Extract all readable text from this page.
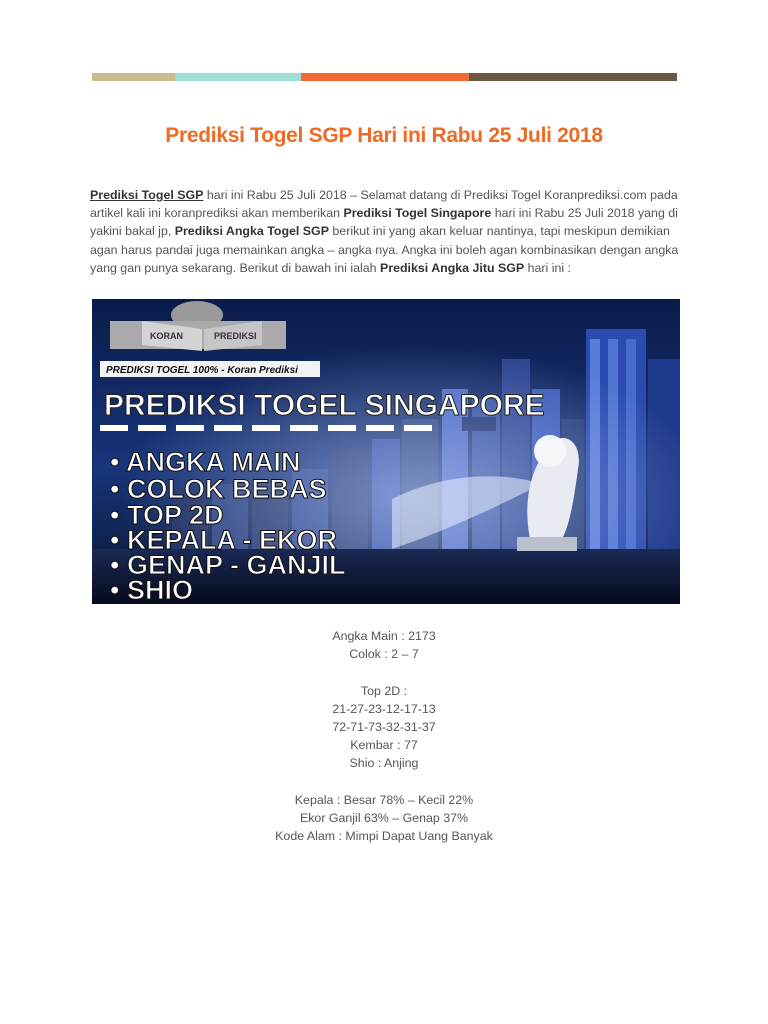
Prediksi Togel SGP Hari ini Rabu 25 Juli 2018
Prediksi Togel SGP hari ini Rabu 25 Juli 2018 – Selamat datang di Prediksi Togel Koranprediksi.com pada artikel kali ini koranprediksi akan memberikan Prediksi Togel Singapore hari ini Rabu 25 Juli 2018 yang di yakini bakal jp, Prediksi Angka Togel SGP berikut ini yang akan keluar nantinya, tapi meskipun demikian agan harus pandai juga memainkan angka – angka nya. Angka ini boleh agan kombinasikan dengan angka yang gan punya sekarang. Berikut di bawah ini ialah Prediksi Angka Jitu SGP hari ini :
KORAN	PREDIKSI
PREDIKSI TOGEL 100% - Koran Prediksi
PREDIKSI TOGEL SINGAPORE
• ANGKA MAIN
• COLOK BEBAS
• TOP 2D
• KEPALA - EKOR
• GENAP - GANJIL
• SHIO
Angka Main : 2173
Colok : 2 – 7
Top 2D :
21-27-23-12-17-13
72-71-73-32-31-37
Kembar : 77
Shio : Anjing
Kepala : Besar 78% – Kecil 22%
Ekor Ganjil 63% – Genap 37%
Kode Alam : Mimpi Dapat Uang Banyak
